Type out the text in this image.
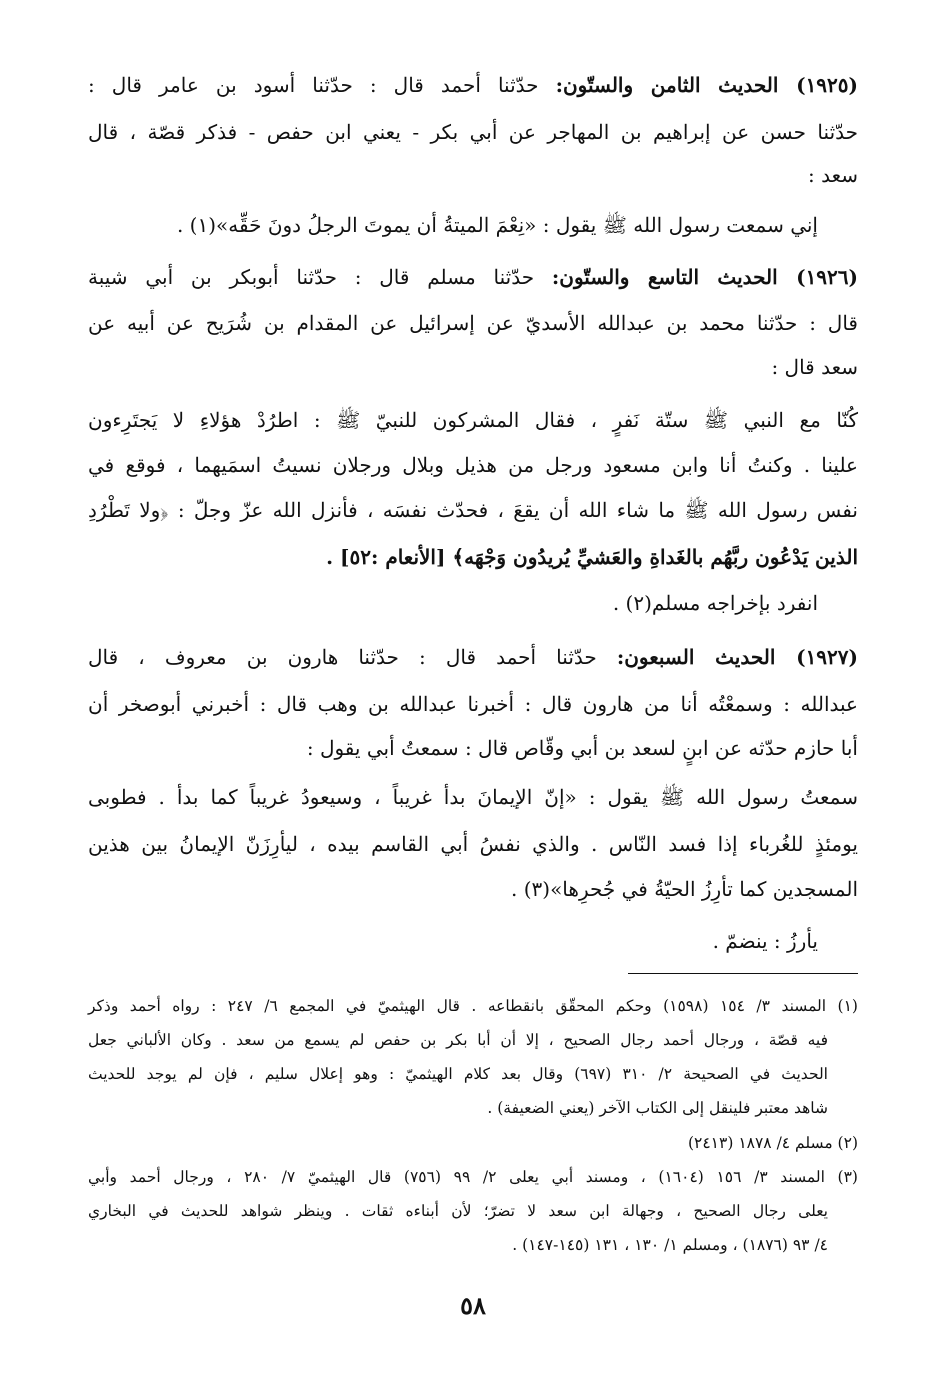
(١٩٢٥) الحديث الثامن والستّون: حدّثنا أحمد قال : حدّثنا أسود بن عامر قال :
حدّثنا حسن عن إبراهيم بن المهاجر عن أبي بكر - يعني ابن حفص - فذكر قصّة ، قال
سعد :
إني سمعت رسول الله ﷺ يقول : «نِعْمَ الميتةُ أن يموتَ الرجلُ دونَ حَقِّه»(١) .
(١٩٢٦) الحديث التاسع والستّون: حدّثنا مسلم قال : حدّثنا أبوبكر بن أبي شيبة
قال : حدّثنا محمد بن عبدالله الأسديّ عن إسرائيل عن المقدام بن شُرَيح عن أبيه عن
سعد قال :
كُنّا مع النبي ﷺ ستّة نَفرٍ ، فقال المشركون للنبيّ ﷺ : اطرُدْ هؤلاءِ لا يَجتَرِءون
علينا . وكنتُ أنا وابن مسعود ورجل من هذيل وبلال ورجلان نسيتُ اسمَيهما ، فوقع في
نفس رسول الله ﷺ ما شاء الله أن يقعَ ، فحدّث نفسَه ، فأنزل الله عزّ وجلّ : ﴿ولا تَطْرُدِ
الذين يَدْعُون ربَّهُم بالغَداةِ والعَشيِّ يُريدُون وَجْهَه﴾ [الأنعام :٥٢] .
انفرد بإخراجه مسلم(٢) .
(١٩٢٧) الحديث السبعون: حدّثنا أحمد قال : حدّثنا هارون بن معروف ، قال
عبدالله : وسمعْتُه أنا من هارون قال : أخبرنا عبدالله بن وهب قال : أخبرني أبوصخر أن
أبا حازم حدّثه عن ابنٍ لسعد بن أبي وقّاص قال : سمعتُ أبي يقول :
سمعتُ رسول الله ﷺ يقول : «إنّ الإيمانَ بدأ غريباً ، وسيعودُ غريباً كما بدأ . فطوبى
يومئذٍ للغُرباء إذا فسد النّاس . والذي نفسُ أبي القاسم بيده ، ليأرِزَنّ الإيمانُ بين هذين
المسجدين كما تأرِزُ الحيّةُ في جُحرِها»(٣) .
يأرزُ : ينضمّ .
(١) المسند ٣/ ١٥٤ (١٥٩٨) وحكم المحقّق بانقطاعه . قال الهيثميّ في المجمع ٦/ ٢٤٧ : رواه أحمد وذكر
فيه قصّة ، ورجال أحمد رجال الصحيح ، إلا أن أبا بكر بن حفص لم يسمع من سعد . وكان الألباني جعل
الحديث في الصحيحة ٢/ ٣١٠ (٦٩٧) وقال بعد كلام الهيثميّ : وهو إعلال سليم ، فإن لم يوجد للحديث
شاهد معتبر فلينقل إلى الكتاب الآخر (يعني الضعيفة) .
(٢) مسلم ٤/ ١٨٧٨ (٢٤١٣)
(٣) المسند ٣/ ١٥٦ (١٦٠٤) ، ومسند أبي يعلى ٢/ ٩٩ (٧٥٦) قال الهيثميّ ٧/ ٢٨٠ ، ورجال أحمد وأبي
يعلى رجال الصحيح ، وجهالة ابن سعد لا تضرّ؛ لأن أبناءه ثقات . وينظر شواهد للحديث في البخاري
٤/ ٩٣ (١٨٧٦) ، ومسلم ١/ ١٣٠ ، ١٣١ (١٤٥-١٤٧) .
٥٨
